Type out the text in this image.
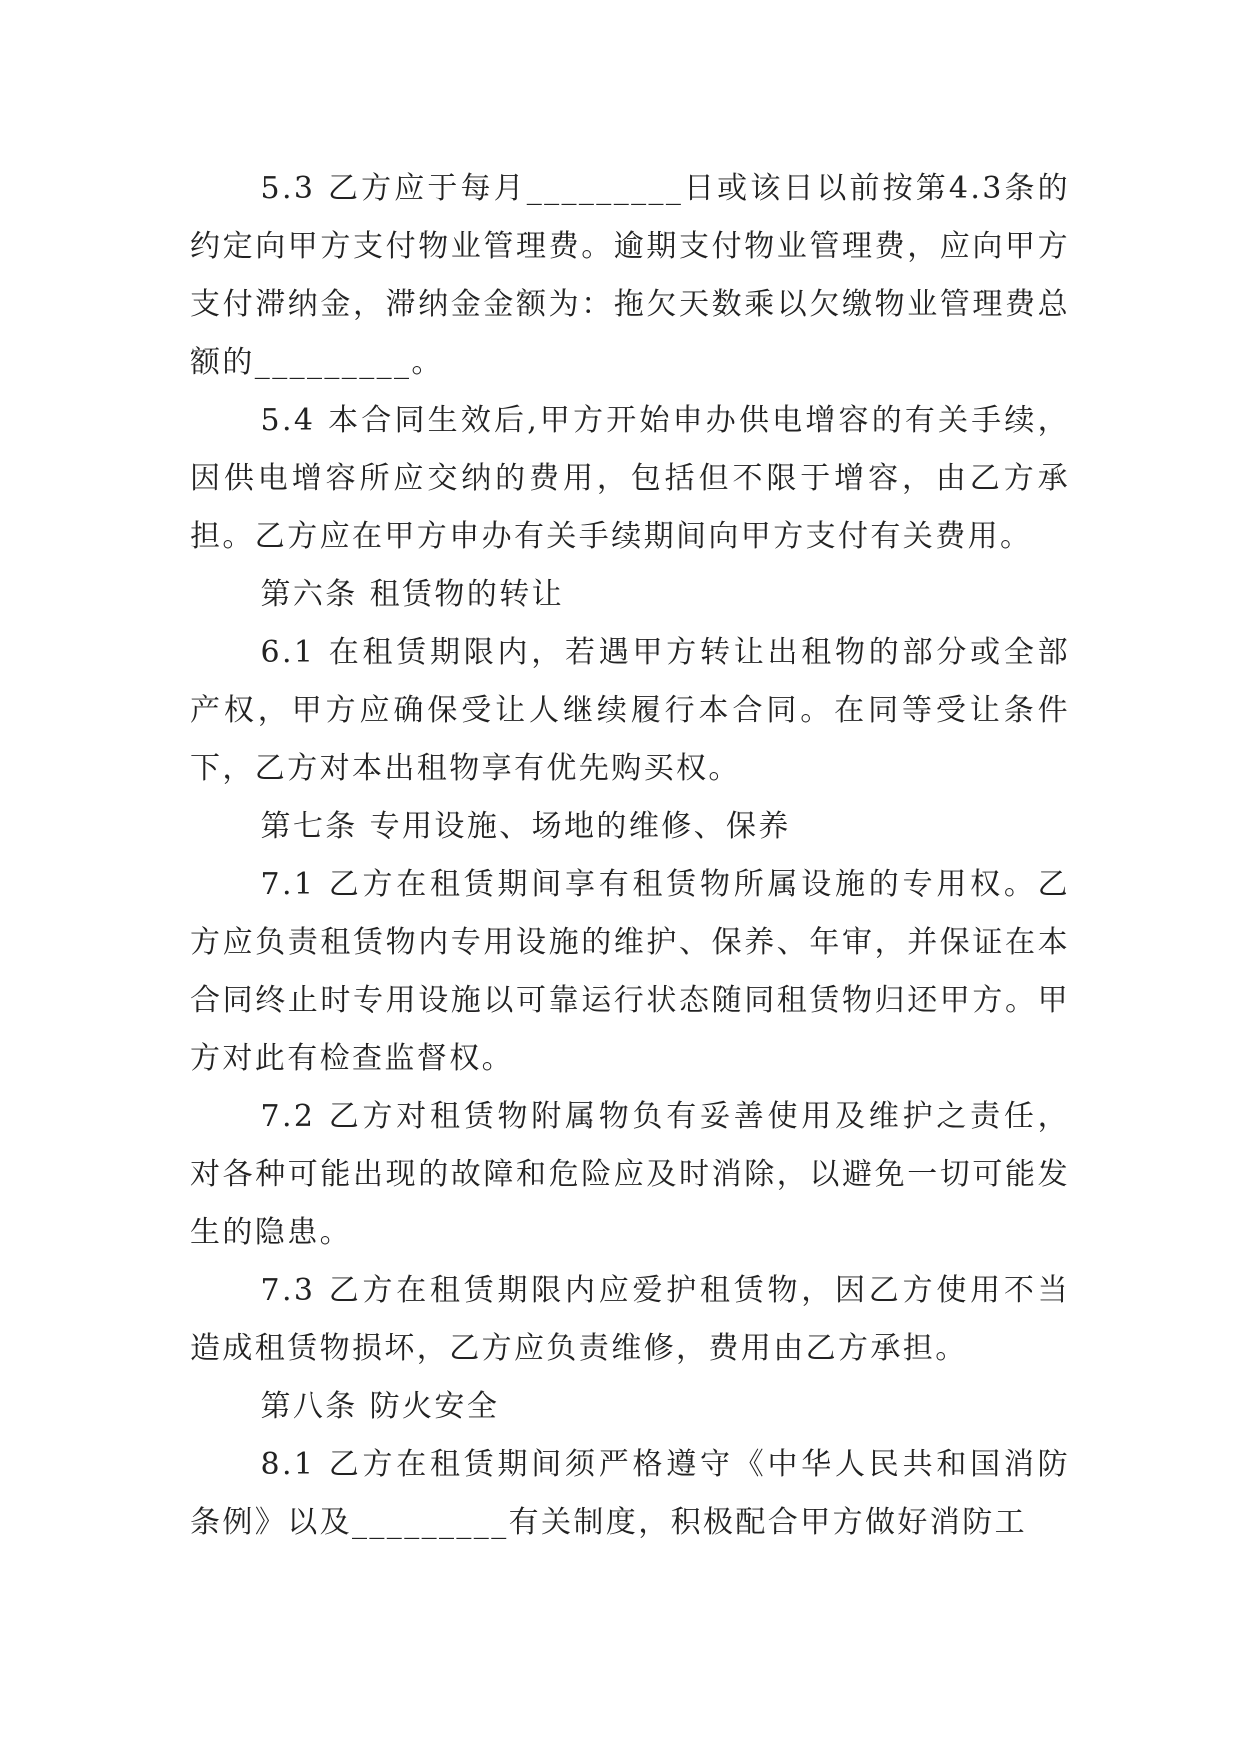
5.3 乙方应于每月_________日或该日以前按第4.3条的约定向甲方支付物业管理费。逾期支付物业管理费，应向甲方支付滞纳金，滞纳金金额为：拖欠天数乘以欠缴物业管理费总额的_________。

5.4 本合同生效后,甲方开始申办供电增容的有关手续，因供电增容所应交纳的费用，包括但不限于增容，由乙方承担。乙方应在甲方申办有关手续期间向甲方支付有关费用。

第六条 租赁物的转让

6.1 在租赁期限内，若遇甲方转让出租物的部分或全部产权，甲方应确保受让人继续履行本合同。在同等受让条件下，乙方对本出租物享有优先购买权。

第七条 专用设施、场地的维修、保养

7.1 乙方在租赁期间享有租赁物所属设施的专用权。乙方应负责租赁物内专用设施的维护、保养、年审，并保证在本合同终止时专用设施以可靠运行状态随同租赁物归还甲方。甲方对此有检查监督权。

7.2 乙方对租赁物附属物负有妥善使用及维护之责任，对各种可能出现的故障和危险应及时消除，以避免一切可能发生的隐患。

7.3 乙方在租赁期限内应爱护租赁物，因乙方使用不当造成租赁物损坏，乙方应负责维修，费用由乙方承担。

第八条 防火安全

8.1 乙方在租赁期间须严格遵守《中华人民共和国消防条例》以及_________有关制度，积极配合甲方做好消防工
